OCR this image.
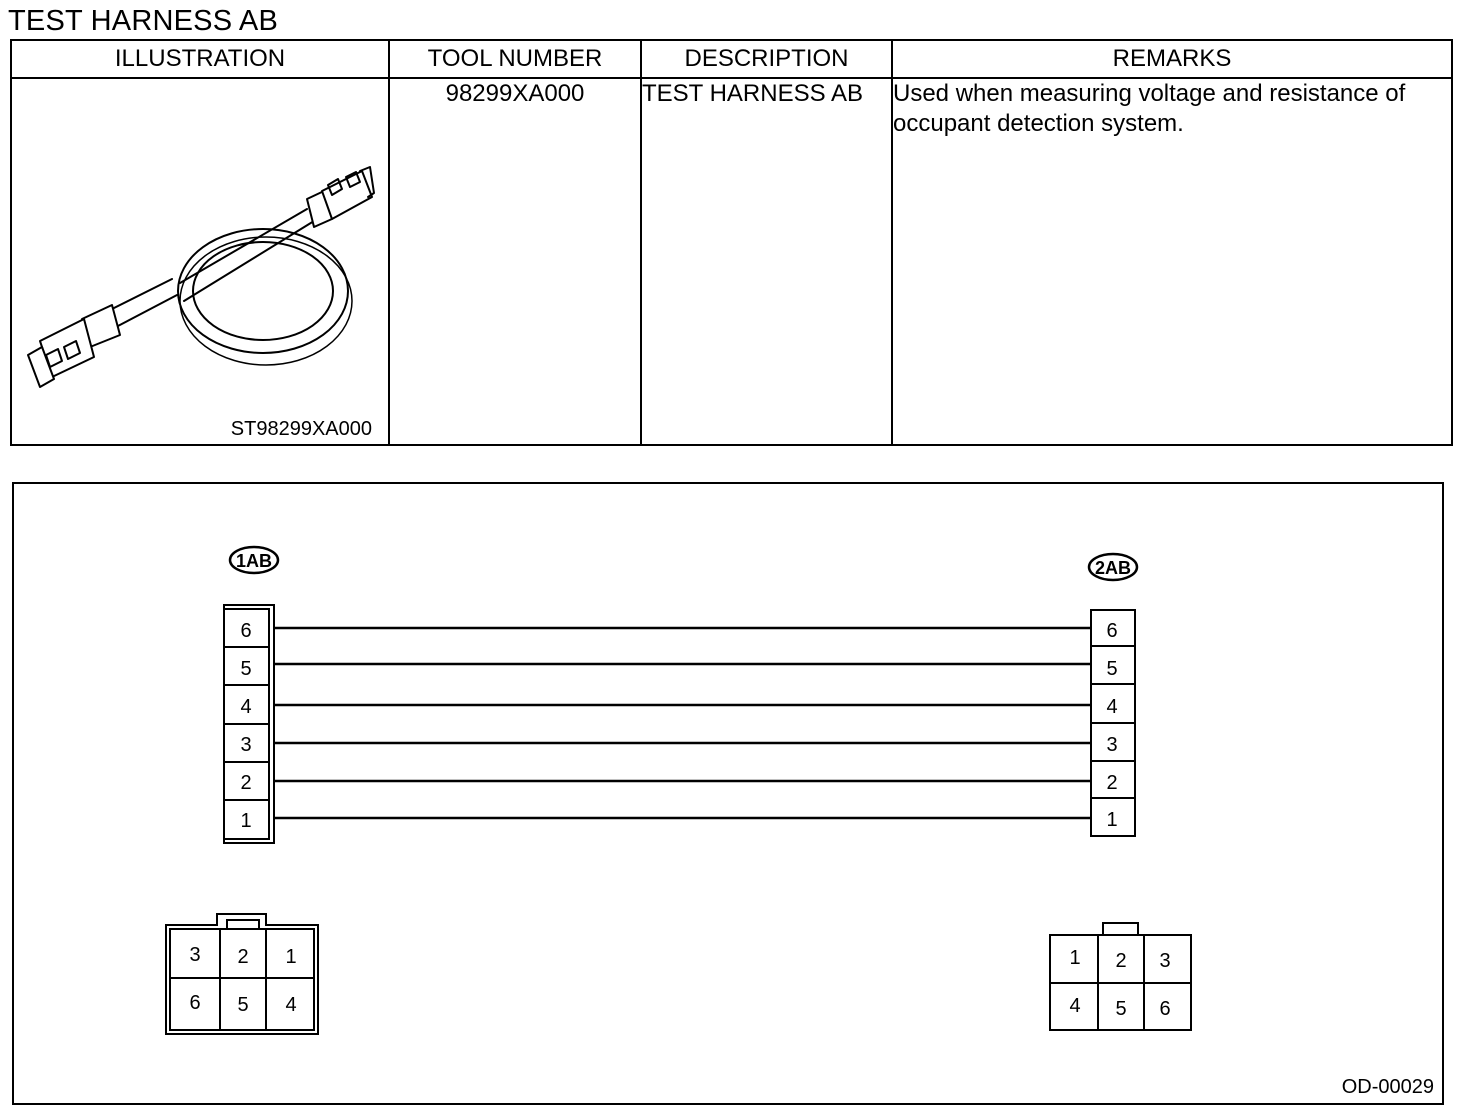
TEST HARNESS AB
ILLUSTRATION	TOOL NUMBER	DESCRIPTION	REMARKS

ST98299XA000	98299XA000	TEST HARNESS AB	Used when measuring voltage and resistance of occupant detection system.
1AB	2AB
6
5
4
3
2
1
6
5
4
3
2
1
3 2 1
6 5 4
1 2 3
4 5 6
OD-00029
